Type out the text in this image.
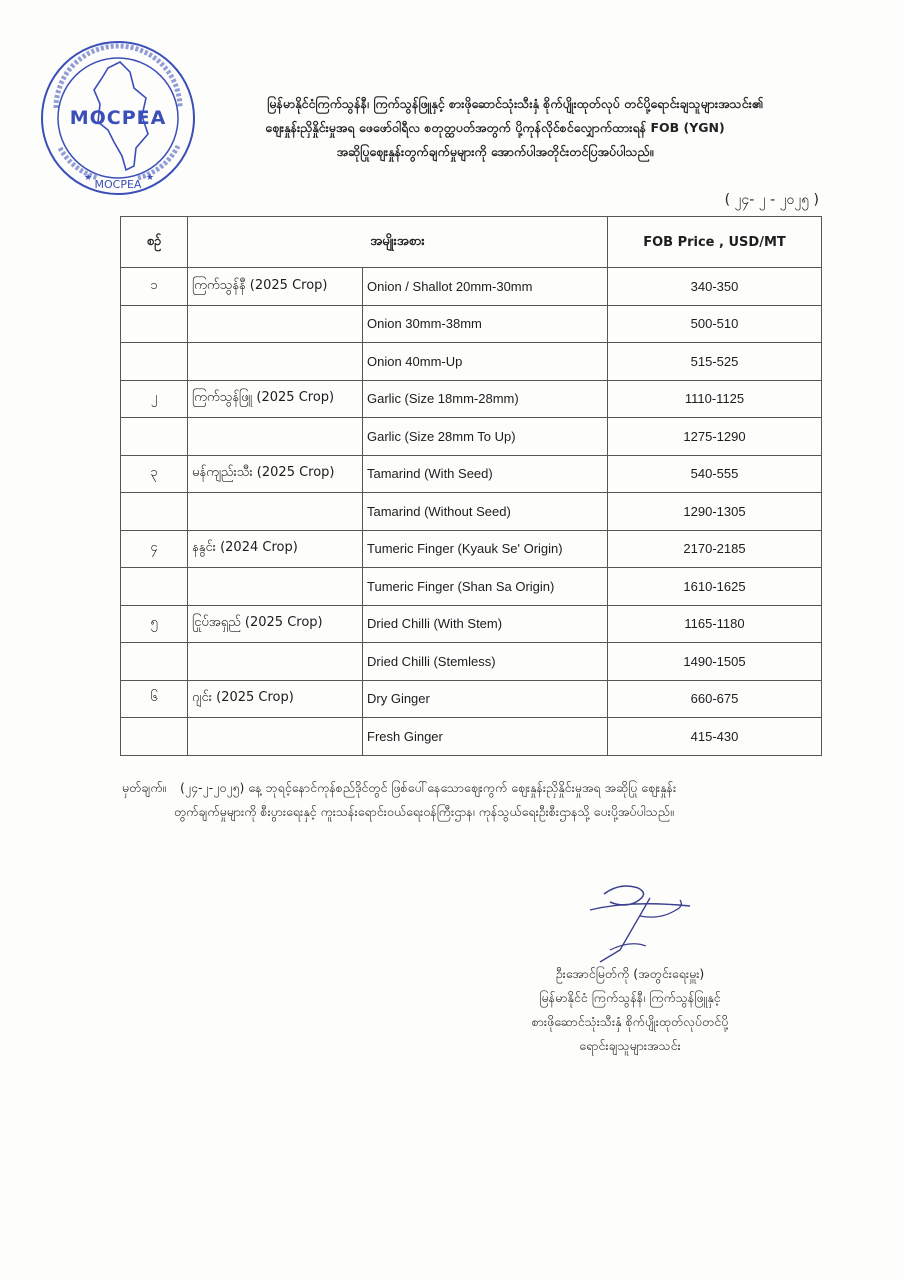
MOCPEA
MOCPEA
★	★
မြန်မာနိုင်ငံကြက်သွန်နီ၊ ကြက်သွန်ဖြူနှင့် စားဖိုဆောင်သုံးသီးနှံ စိုက်ပျိုးထုတ်လုပ် တင်ပို့ရောင်းချသူများအသင်း၏
ဈေးနှုန်းညှိနှိုင်းမှုအရ ဖေဖော်ဝါရီလ စတုတ္ထပတ်အတွက် ပို့ကုန်လိုင်စင်လျှောက်ထားရန် FOB (YGN)
အဆိုပြုဈေးနှုန်းတွက်ချက်မှုများကို အောက်ပါအတိုင်းတင်ပြအပ်ပါသည်။
( ၂၄- ၂ - ၂၀၂၅ )
စဉ်	အမျိုးအစား		FOB Price , USD/MT
၁	ကြက်သွန်နီ (2025 Crop)	Onion / Shallot 20mm-30mm	340-350
		Onion 30mm-38mm	500-510
		Onion 40mm-Up	515-525
၂	ကြက်သွန်ဖြူ (2025 Crop)	Garlic (Size 18mm-28mm)	1110-1125
		Garlic (Size 28mm To Up)	1275-1290
၃	မန်ကျည်းသီး (2025 Crop)	Tamarind (With Seed)	540-555
		Tamarind (Without Seed)	1290-1305
၄	နနွင်း (2024 Crop)	Tumeric Finger (Kyauk Se' Origin)	2170-2185
		Tumeric Finger (Shan Sa Origin)	1610-1625
၅	ငြုပ်အရှည် (2025 Crop)	Dried Chilli (With Stem)	1165-1180
		Dried Chilli (Stemless)	1490-1505
၆	ဂျင်း (2025 Crop)	Dry Ginger	660-675
		Fresh Ginger	415-430
မှတ်ချက်။ (၂၄-၂-၂၀၂၅) နေ့ ဘုရင့်နောင်ကုန်စည်ဒိုင်တွင် ဖြစ်ပေါ်နေသောဈေးကွက် ဈေးနှုန်းညှိနှိုင်းမှုအရ အဆိုပြု ဈေးနှုန်း
တွက်ချက်မှုများကို စီးပွားရေးနှင့် ကူးသန်းရောင်းဝယ်ရေးဝန်ကြီးဌာန၊ ကုန်သွယ်ရေးဦးစီးဌာနသို့ ပေးပို့အပ်ပါသည်။
ဦးအောင်မြတ်ကို (အတွင်းရေးမှူး)
မြန်မာနိုင်ငံ ကြက်သွန်နီ၊ ကြက်သွန်ဖြူနှင့်
စားဖိုဆောင်သုံးသီးနှံ စိုက်ပျိုးထုတ်လုပ်တင်ပို့
ရောင်းချသူများအသင်း
